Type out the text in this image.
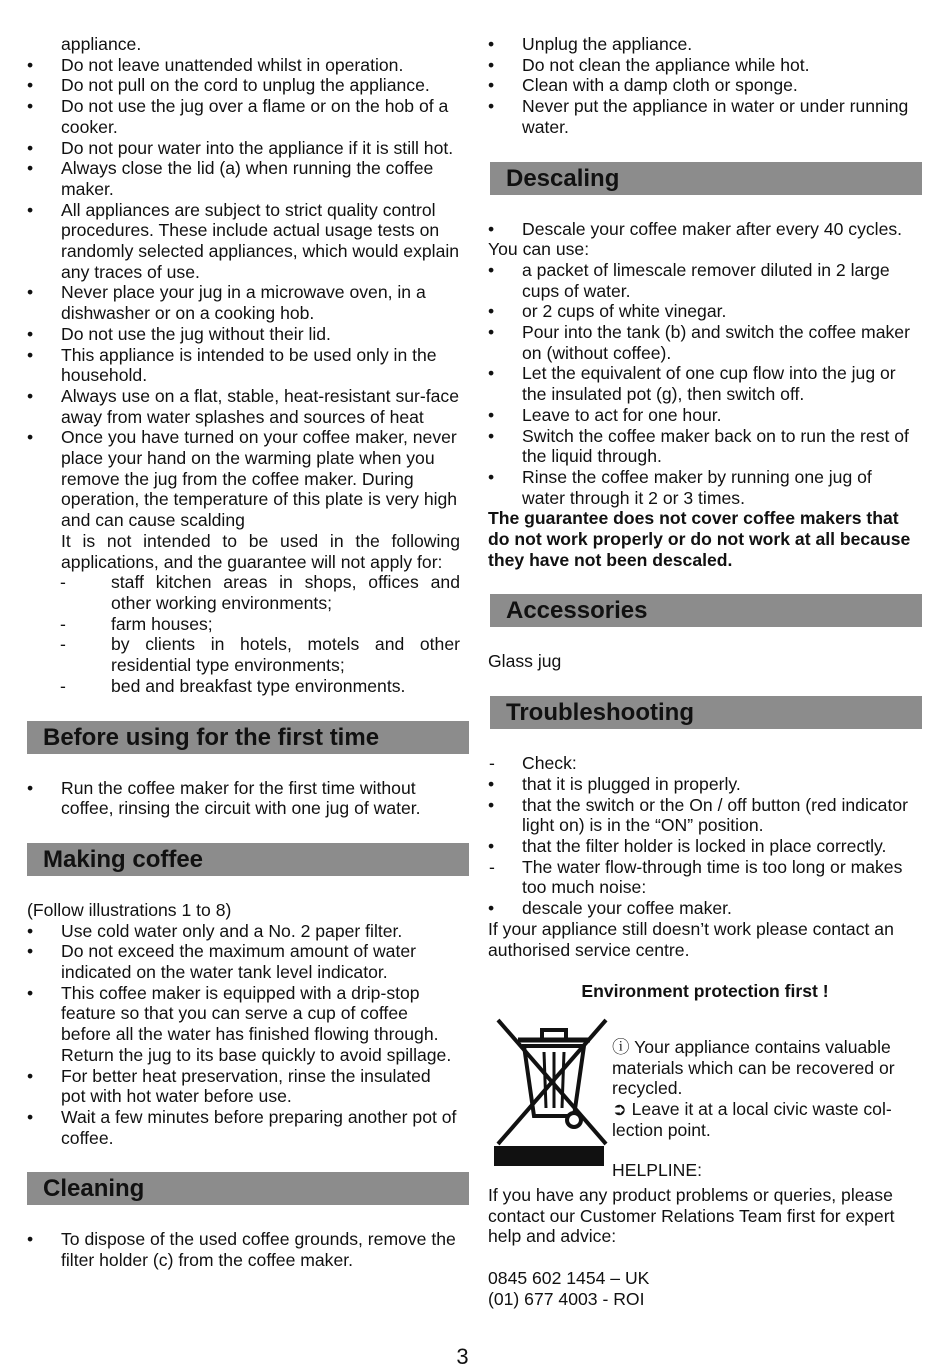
appliance.
• Do not leave unattended whilst in operation.
• Do not pull on the cord to unplug the appliance.
• Do not use the jug over a flame or on the hob of a cooker.
• Do not pour water into the appliance if it is still hot.
• Always close the lid (a) when running the coffee maker.
• All appliances are subject to strict quality control procedures. These include actual usage tests on randomly selected appliances, which would explain any traces of use.
• Never place your jug in a microwave oven, in a dishwasher or on a cooking hob.
• Do not use the jug without their lid.
• This appliance is intended to be used only in the household.
• Always use on a flat, stable, heat-resistant sur-face away from water splashes and sources of heat
• Once you have turned on your coffee maker, never place your hand on the warming plate when you remove the jug from the coffee maker. During operation, the temperature of this plate is very high and can cause scalding
It is not intended to be used in the following applications, and the guarantee will not apply for:
- staff kitchen areas in shops, offices and other working environments;
- farm houses;
- by clients in hotels, motels and other residential type environments;
- bed and breakfast type environments.
Before using for the first time
• Run the coffee maker for the first time without coffee, rinsing the circuit with one jug of water.
Making coffee

(Follow illustrations 1 to 8)

• Use cold water only and a No. 2 paper filter.
• Do not exceed the maximum amount of water indicated on the water tank level indicator.
• This coffee maker is equipped with a drip-stop feature so that you can serve a cup of coffee before all the water has finished flowing through. Return the jug to its base quickly to avoid spillage.
• For better heat preservation, rinse the insulated pot with hot water before use.
• Wait a few minutes before preparing another pot of coffee.
Cleaning
• To dispose of the used coffee grounds, remove the filter holder (c) from the coffee maker.
• Unplug the appliance.
• Do not clean the appliance while hot.
• Clean with a damp cloth or sponge.
• Never put the appliance in water or under running water.
Descaling
• Descale your coffee maker after every 40 cycles.

You can use:

• a packet of limescale remover diluted in 2 large cups of water.
• or 2 cups of white vinegar.
• Pour into the tank (b) and switch the coffee maker on (without coffee).
• Let the equivalent of one cup flow into the jug or the insulated pot (g), then switch off.
• Leave to act for one hour.
• Switch the coffee maker back on to run the rest of the liquid through.
• Rinse the coffee maker by running one jug of water through it 2 or 3 times.

The guarantee does not cover coffee makers that do not work properly or do not work at all because they have not been descaled.

Accessories

Glass jug

Troubleshooting
- Check:
• that it is plugged in properly.
• that the switch or the On / off button (red indicator light on) is in the “ON” position.
• that the filter holder is locked in place correctly.
- The water flow-through time is too long or makes too much noise:
• descale your coffee maker.

If your appliance still doesn’t work please contact an authorised service centre.

Environment protection first !
ⓘ Your appliance contains valuable materials which can be recovered or recycled.
➲ Leave it at a local civic waste col-lection point.
HELPLINE:

If you have any product problems or queries, please contact our Customer Relations Team first for expert help and advice:

0845 602 1454 – UK

(01) 677 4003 - ROI

3
